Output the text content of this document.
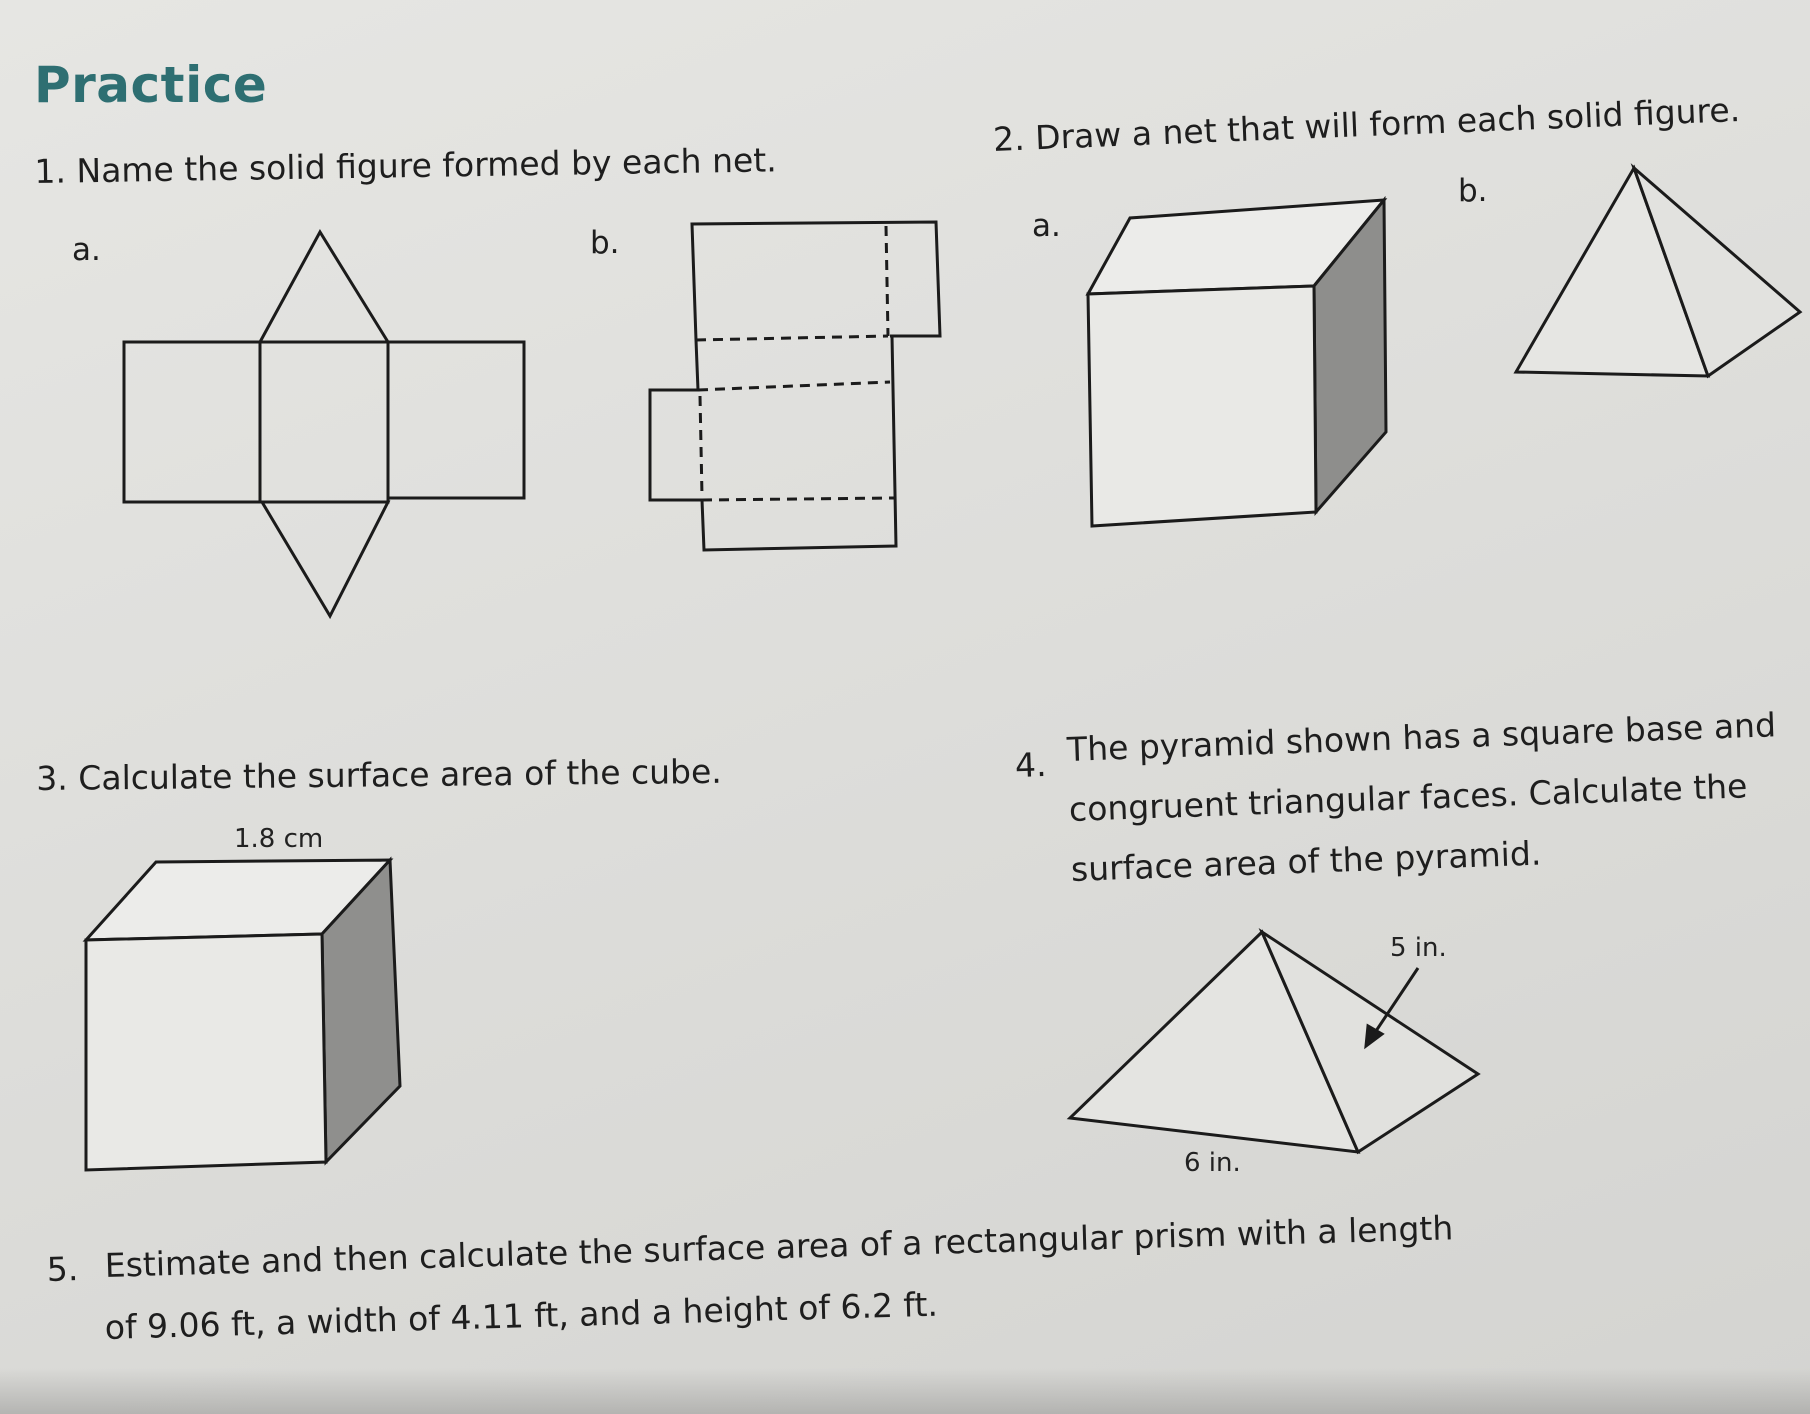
Practice

1. Name the solid figure formed by each net.

a.	b.

2. Draw a net that will form each solid figure.

a.
b.

3. Calculate the surface area of the cube.

1.8 cm
4. The pyramid shown has a square base and

congruent triangular faces. Calculate the

surface area of the pyramid.

5 in.
6 in.
5. Estimate and then calculate the surface area of a rectangular prism with a length

of 9.06 ft, a width of 4.11 ft, and a height of 6.2 ft.
